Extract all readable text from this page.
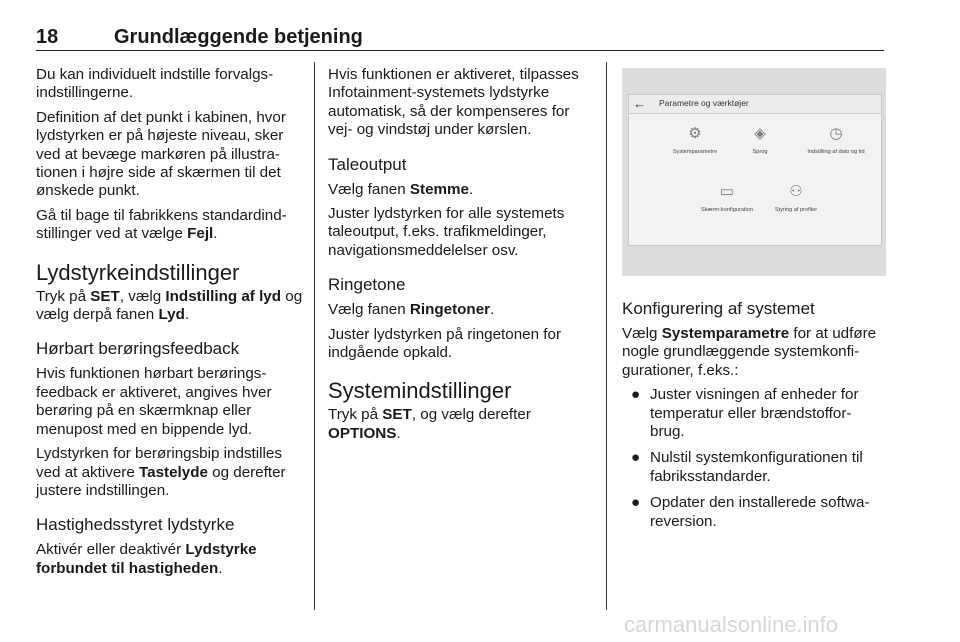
18	Grundlæggende betjening

Du kan individuelt indstille forvalgs-indstillingerne.

Definition af det punkt i kabinen, hvor lydstyrken er på højeste niveau, sker ved at bevæge markøren på illustra-tionen i højre side af skærmen til det ønskede punkt.

Gå til bage til fabrikkens standardind-stillinger ved at vælge Fejl.

Lydstyrkeindstillinger

Tryk på SET, vælg Indstilling af lyd og vælg derpå fanen Lyd.

Hørbart berøringsfeedback

Hvis funktionen hørbart berørings-feedback er aktiveret, angives hver berøring på en skærmknap eller menupost med en bippende lyd.

Lydstyrken for berøringsbip indstilles ved at aktivere Tastelyde og derefter justere indstillingen.

Hastighedsstyret lydstyrke

Aktivér eller deaktivér Lydstyrke forbundet til hastigheden.

Hvis funktionen er aktiveret, tilpasses Infotainment-systemets lydstyrke automatisk, så der kompenseres for vej- og vindstøj under kørslen.

Taleoutput

Vælg fanen Stemme.

Juster lydstyrken for alle systemets taleoutput, f.eks. trafikmeldinger, navigationsmeddelelser osv.

Ringetone

Vælg fanen Ringetoner.

Juster lydstyrken på ringetonen for indgående opkald.

Systemindstillinger

Tryk på SET, og vælg derefter OPTIONS.

← Parametre og værktøjer
⚙
Systemparametre
◈
Sprog
◷
Indstilling af dato og tid
▭
Skærm-konfiguration
⚇
Styring af profiler
Konfigurering af systemet

Vælg Systemparametre for at udføre nogle grundlæggende systemkonfi-gurationer, f.eks.:

● Juster visningen af enheder for temperatur eller brændstoffor-brug.
● Nulstil systemkonfigurationen til fabriksstandarder.
● Opdater den installerede softwa-reversion.
carmanualsonline.info
